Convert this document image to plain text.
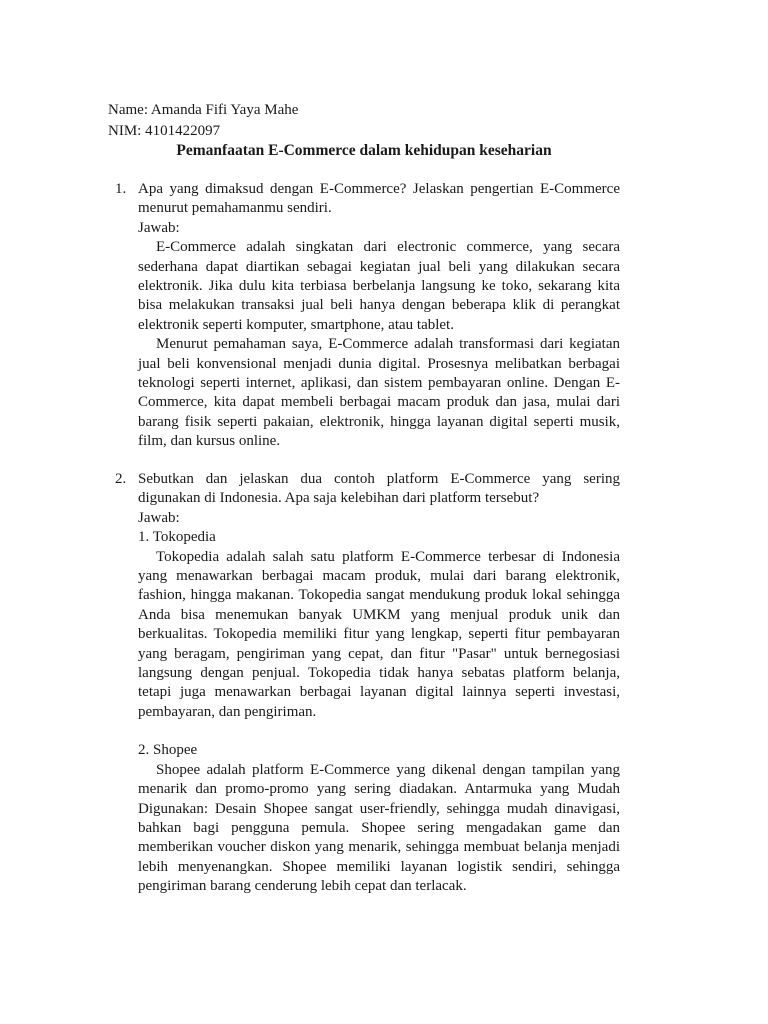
Name: Amanda Fifi Yaya Mahe
NIM: 4101422097
Pemanfaatan E-Commerce dalam kehidupan keseharian
1. Apa yang dimaksud dengan E-Commerce? Jelaskan pengertian E-Commerce menurut pemahamanmu sendiri.

Jawab:

E-Commerce adalah singkatan dari electronic commerce, yang secara sederhana dapat diartikan sebagai kegiatan jual beli yang dilakukan secara elektronik. Jika dulu kita terbiasa berbelanja langsung ke toko, sekarang kita bisa melakukan transaksi jual beli hanya dengan beberapa klik di perangkat elektronik seperti komputer, smartphone, atau tablet.

Menurut pemahaman saya, E-Commerce adalah transformasi dari kegiatan jual beli konvensional menjadi dunia digital. Prosesnya melibatkan berbagai teknologi seperti internet, aplikasi, dan sistem pembayaran online. Dengan E-Commerce, kita dapat membeli berbagai macam produk dan jasa, mulai dari barang fisik seperti pakaian, elektronik, hingga layanan digital seperti musik, film, dan kursus online.

2. Sebutkan dan jelaskan dua contoh platform E-Commerce yang sering digunakan di Indonesia. Apa saja kelebihan dari platform tersebut?

Jawab:

1. Tokopedia

Tokopedia adalah salah satu platform E-Commerce terbesar di Indonesia yang menawarkan berbagai macam produk, mulai dari barang elektronik, fashion, hingga makanan. Tokopedia sangat mendukung produk lokal sehingga Anda bisa menemukan banyak UMKM yang menjual produk unik dan berkualitas. Tokopedia memiliki fitur yang lengkap, seperti fitur pembayaran yang beragam, pengiriman yang cepat, dan fitur "Pasar" untuk bernegosiasi langsung dengan penjual. Tokopedia tidak hanya sebatas platform belanja, tetapi juga menawarkan berbagai layanan digital lainnya seperti investasi, pembayaran, dan pengiriman.

2. Shopee

Shopee adalah platform E-Commerce yang dikenal dengan tampilan yang menarik dan promo-promo yang sering diadakan. Antarmuka yang Mudah Digunakan: Desain Shopee sangat user-friendly, sehingga mudah dinavigasi, bahkan bagi pengguna pemula. Shopee sering mengadakan game dan memberikan voucher diskon yang menarik, sehingga membuat belanja menjadi lebih menyenangkan. Shopee memiliki layanan logistik sendiri, sehingga pengiriman barang cenderung lebih cepat dan terlacak.
